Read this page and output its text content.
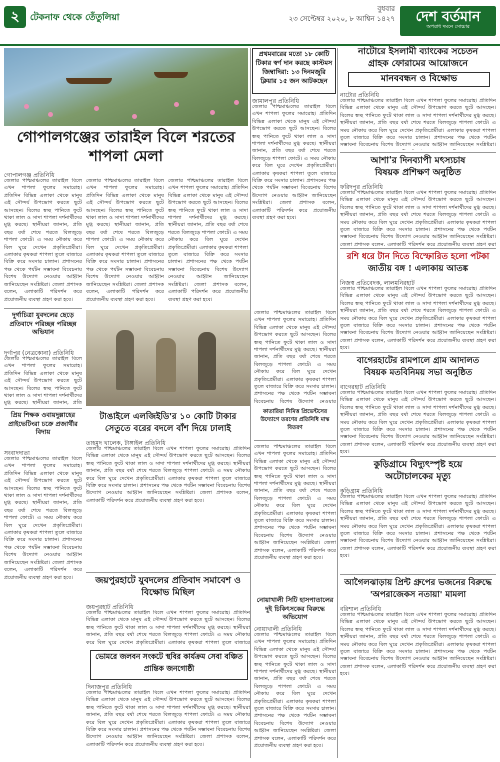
২	টেকনাফ থেকে তেঁতুলিয়া
বুধবার
২৩ সেপ্টেম্বর ২০২০, ৮ আশ্বিন ১৪২৭	দেশ বর্তমান
অপরাধ দমনে সোচ্চার
গোপালগঞ্জের তারাইল বিলে শরতের শাপলা মেলা
গোপালগঞ্জ প্রতিনিধি
জেলার পশ্চিমাঞ্চলের তারাইল বিলে এখন শাপলা ফুলের সমারোহ। প্রতিদিন বিভিন্ন এলাকা থেকে মানুষ এই সৌন্দর্য উপভোগ করতে ছুটে আসছেন। বিলের স্বচ্ছ পানিতে ফুটে থাকা লাল ও সাদা শাপলা দর্শনার্থীদের মুগ্ধ করছে। স্থানীয়রা জানান, প্রতি বছর বর্ষা শেষে শরতে বিলজুড়ে শাপলা ফোটে। এ সময় নৌকায় করে বিল ঘুরে দেখেন প্রকৃতিপ্রেমীরা। এলাকার কৃষকরা শাপলা তুলে বাজারে বিক্রি করে সংসার চালান। প্রশাসনের পক্ষ থেকে পর্যটন সম্ভাবনা বিবেচনায় বিশেষ উদ্যোগ নেওয়ার আহ্বান জানিয়েছেন সংশ্লিষ্টরা। জেলা প্রশাসক বলেন, এলাকাটি পরিদর্শন করে প্রয়োজনীয় ব্যবস্থা গ্রহণ করা হবে।
জেলার পশ্চিমাঞ্চলের তারাইল বিলে এখন শাপলা ফুলের সমারোহ। প্রতিদিন বিভিন্ন এলাকা থেকে মানুষ এই সৌন্দর্য উপভোগ করতে ছুটে আসছেন। বিলের স্বচ্ছ পানিতে ফুটে থাকা লাল ও সাদা শাপলা দর্শনার্থীদের মুগ্ধ করছে। স্থানীয়রা জানান, প্রতি বছর বর্ষা শেষে শরতে বিলজুড়ে শাপলা ফোটে। এ সময় নৌকায় করে বিল ঘুরে দেখেন প্রকৃতিপ্রেমীরা। এলাকার কৃষকরা শাপলা তুলে বাজারে বিক্রি করে সংসার চালান। প্রশাসনের পক্ষ থেকে পর্যটন সম্ভাবনা বিবেচনায় বিশেষ উদ্যোগ নেওয়ার আহ্বান জানিয়েছেন সংশ্লিষ্টরা। জেলা প্রশাসক বলেন, এলাকাটি পরিদর্শন করে প্রয়োজনীয় ব্যবস্থা গ্রহণ করা হবে।
জেলার পশ্চিমাঞ্চলের তারাইল বিলে এখন শাপলা ফুলের সমারোহ। প্রতিদিন বিভিন্ন এলাকা থেকে মানুষ এই সৌন্দর্য উপভোগ করতে ছুটে আসছেন। বিলের স্বচ্ছ পানিতে ফুটে থাকা লাল ও সাদা শাপলা দর্শনার্থীদের মুগ্ধ করছে। স্থানীয়রা জানান, প্রতি বছর বর্ষা শেষে শরতে বিলজুড়ে শাপলা ফোটে। এ সময় নৌকায় করে বিল ঘুরে দেখেন প্রকৃতিপ্রেমীরা। এলাকার কৃষকরা শাপলা তুলে বাজারে বিক্রি করে সংসার চালান। প্রশাসনের পক্ষ থেকে পর্যটন সম্ভাবনা বিবেচনায় বিশেষ উদ্যোগ নেওয়ার আহ্বান জানিয়েছেন সংশ্লিষ্টরা। জেলা প্রশাসক বলেন, এলাকাটি পরিদর্শন করে প্রয়োজনীয় ব্যবস্থা গ্রহণ করা হবে।
প্রথমবারের মতো ১৮ কোটি টিকার স্বর্ণ দান করছে কাস্টমস জিম্বাদিরা: ১৩ দিনমজুরি ক্লিয়ার ১৫ জন আটকছেন
জামালপুর প্রতিনিধি
জেলার পশ্চিমাঞ্চলের তারাইল বিলে এখন শাপলা ফুলের সমারোহ। প্রতিদিন বিভিন্ন এলাকা থেকে মানুষ এই সৌন্দর্য উপভোগ করতে ছুটে আসছেন। বিলের স্বচ্ছ পানিতে ফুটে থাকা লাল ও সাদা শাপলা দর্শনার্থীদের মুগ্ধ করছে। স্থানীয়রা জানান, প্রতি বছর বর্ষা শেষে শরতে বিলজুড়ে শাপলা ফোটে। এ সময় নৌকায় করে বিল ঘুরে দেখেন প্রকৃতিপ্রেমীরা। এলাকার কৃষকরা শাপলা তুলে বাজারে বিক্রি করে সংসার চালান। প্রশাসনের পক্ষ থেকে পর্যটন সম্ভাবনা বিবেচনায় বিশেষ উদ্যোগ নেওয়ার আহ্বান জানিয়েছেন সংশ্লিষ্টরা। জেলা প্রশাসক বলেন, এলাকাটি পরিদর্শন করে প্রয়োজনীয় ব্যবস্থা গ্রহণ করা হবে।
নাটোরে ইসলামী ব্যাংকের সচেতন
গ্রাহক ফোরামের আয়োজনে
মানববন্ধন ও বিক্ষোভ
নাটোর প্রতিনিধি
জেলার পশ্চিমাঞ্চলের তারাইল বিলে এখন শাপলা ফুলের সমারোহ। প্রতিদিন বিভিন্ন এলাকা থেকে মানুষ এই সৌন্দর্য উপভোগ করতে ছুটে আসছেন। বিলের স্বচ্ছ পানিতে ফুটে থাকা লাল ও সাদা শাপলা দর্শনার্থীদের মুগ্ধ করছে। স্থানীয়রা জানান, প্রতি বছর বর্ষা শেষে শরতে বিলজুড়ে শাপলা ফোটে। এ সময় নৌকায় করে বিল ঘুরে দেখেন প্রকৃতিপ্রেমীরা। এলাকার কৃষকরা শাপলা তুলে বাজারে বিক্রি করে সংসার চালান। প্রশাসনের পক্ষ থেকে পর্যটন সম্ভাবনা বিবেচনায় বিশেষ উদ্যোগ নেওয়ার আহ্বান জানিয়েছেন সংশ্লিষ্টরা।
আশা'র দিনব্যাপী মৎস্যচাষ
বিষয়ক প্রশিক্ষণ অনুষ্ঠিত
ফরিদপুর প্রতিনিধি
জেলার পশ্চিমাঞ্চলের তারাইল বিলে এখন শাপলা ফুলের সমারোহ। প্রতিদিন বিভিন্ন এলাকা থেকে মানুষ এই সৌন্দর্য উপভোগ করতে ছুটে আসছেন। বিলের স্বচ্ছ পানিতে ফুটে থাকা লাল ও সাদা শাপলা দর্শনার্থীদের মুগ্ধ করছে। স্থানীয়রা জানান, প্রতি বছর বর্ষা শেষে শরতে বিলজুড়ে শাপলা ফোটে। এ সময় নৌকায় করে বিল ঘুরে দেখেন প্রকৃতিপ্রেমীরা। এলাকার কৃষকরা শাপলা তুলে বাজারে বিক্রি করে সংসার চালান। প্রশাসনের পক্ষ থেকে পর্যটন সম্ভাবনা বিবেচনায় বিশেষ উদ্যোগ নেওয়ার আহ্বান জানিয়েছেন সংশ্লিষ্টরা। জেলা প্রশাসক বলেন, এলাকাটি পরিদর্শন করে প্রয়োজনীয় ব্যবস্থা গ্রহণ করা
রশি ধরে টান দিতে বিস্ফোরিত হলো পটকা
জাতীয় বঙ্গ ! এলাকায় আতঙ্ক
নিজস্ব প্রতিবেদক, লালমনিরহাট
জেলার পশ্চিমাঞ্চলের তারাইল বিলে এখন শাপলা ফুলের সমারোহ। প্রতিদিন বিভিন্ন এলাকা থেকে মানুষ এই সৌন্দর্য উপভোগ করতে ছুটে আসছেন। বিলের স্বচ্ছ পানিতে ফুটে থাকা লাল ও সাদা শাপলা দর্শনার্থীদের মুগ্ধ করছে। স্থানীয়রা জানান, প্রতি বছর বর্ষা শেষে শরতে বিলজুড়ে শাপলা ফোটে। এ সময় নৌকায় করে বিল ঘুরে দেখেন প্রকৃতিপ্রেমীরা। এলাকার কৃষকরা শাপলা তুলে বাজারে বিক্রি করে সংসার চালান। প্রশাসনের পক্ষ থেকে পর্যটন সম্ভাবনা বিবেচনায় বিশেষ উদ্যোগ নেওয়ার আহ্বান জানিয়েছেন সংশ্লিষ্টরা। জেলা প্রশাসক বলেন, এলাকাটি পরিদর্শন করে প্রয়োজনীয় ব্যবস্থা গ্রহণ করা হবে।
বাগেরহাটের রামপালে গ্রাম আদালত
বিষয়ক মতবিনিময় সভা অনুষ্ঠিত
বাগেরহাট প্রতিনিধি
জেলার পশ্চিমাঞ্চলের তারাইল বিলে এখন শাপলা ফুলের সমারোহ। প্রতিদিন বিভিন্ন এলাকা থেকে মানুষ এই সৌন্দর্য উপভোগ করতে ছুটে আসছেন। বিলের স্বচ্ছ পানিতে ফুটে থাকা লাল ও সাদা শাপলা দর্শনার্থীদের মুগ্ধ করছে। স্থানীয়রা জানান, প্রতি বছর বর্ষা শেষে শরতে বিলজুড়ে শাপলা ফোটে। এ সময় নৌকায় করে বিল ঘুরে দেখেন প্রকৃতিপ্রেমীরা। এলাকার কৃষকরা শাপলা তুলে বাজারে বিক্রি করে সংসার চালান। প্রশাসনের পক্ষ থেকে পর্যটন সম্ভাবনা বিবেচনায় বিশেষ উদ্যোগ নেওয়ার আহ্বান জানিয়েছেন সংশ্লিষ্টরা। জেলা প্রশাসক বলেন, এলাকাটি পরিদর্শন করে প্রয়োজনীয় ব্যবস্থা গ্রহণ করা হবে।
কুড়িগ্রামে বিদ্যুৎস্পৃষ্ট হয়ে
অটোচালকের মৃত্যু
কুড়িগ্রাম প্রতিনিধি
জেলার পশ্চিমাঞ্চলের তারাইল বিলে এখন শাপলা ফুলের সমারোহ। প্রতিদিন বিভিন্ন এলাকা থেকে মানুষ এই সৌন্দর্য উপভোগ করতে ছুটে আসছেন। বিলের স্বচ্ছ পানিতে ফুটে থাকা লাল ও সাদা শাপলা দর্শনার্থীদের মুগ্ধ করছে। স্থানীয়রা জানান, প্রতি বছর বর্ষা শেষে শরতে বিলজুড়ে শাপলা ফোটে। এ সময় নৌকায় করে বিল ঘুরে দেখেন প্রকৃতিপ্রেমীরা। এলাকার কৃষকরা শাপলা তুলে বাজারে বিক্রি করে সংসার চালান। প্রশাসনের পক্ষ থেকে পর্যটন সম্ভাবনা বিবেচনায় বিশেষ উদ্যোগ নেওয়ার আহ্বান জানিয়েছেন সংশ্লিষ্টরা। জেলা প্রশাসক বলেন, এলাকাটি পরিদর্শন করে প্রয়োজনীয় ব্যবস্থা গ্রহণ করা হবে।
আগৈলঝাড়ায় প্রিন্ট গ্রুপের ভজনের বিরুদ্ধে
'অপরাজেকস নতায়া' মামলা
বরিশাল প্রতিনিধি
জেলার পশ্চিমাঞ্চলের তারাইল বিলে এখন শাপলা ফুলের সমারোহ। প্রতিদিন বিভিন্ন এলাকা থেকে মানুষ এই সৌন্দর্য উপভোগ করতে ছুটে আসছেন। বিলের স্বচ্ছ পানিতে ফুটে থাকা লাল ও সাদা শাপলা দর্শনার্থীদের মুগ্ধ করছে। স্থানীয়রা জানান, প্রতি বছর বর্ষা শেষে শরতে বিলজুড়ে শাপলা ফোটে। এ সময় নৌকায় করে বিল ঘুরে দেখেন প্রকৃতিপ্রেমীরা। এলাকার কৃষকরা শাপলা তুলে বাজারে বিক্রি করে সংসার চালান। প্রশাসনের পক্ষ থেকে পর্যটন সম্ভাবনা বিবেচনায় বিশেষ উদ্যোগ নেওয়ার আহ্বান জানিয়েছেন সংশ্লিষ্টরা। জেলা প্রশাসক বলেন, এলাকাটি পরিদর্শন করে প্রয়োজনীয় ব্যবস্থা গ্রহণ করা হবে।
দুর্গাচিত্রা যুবদলের ছেড়ে প্রতিবাদে পরিচ্ছন্ন পরিচ্ছন্ন অভিযান
দুর্গাপুর (নেত্রকোনা) প্রতিনিধি
জেলার পশ্চিমাঞ্চলের তারাইল বিলে এখন শাপলা ফুলের সমারোহ। প্রতিদিন বিভিন্ন এলাকা থেকে মানুষ এই সৌন্দর্য উপভোগ করতে ছুটে আসছেন। বিলের স্বচ্ছ পানিতে ফুটে থাকা লাল ও সাদা শাপলা দর্শনার্থীদের মুগ্ধ করছে। স্থানীয়রা জানান, প্রতি
প্রিয় শিক্ষক ওবায়দুল্লাহের প্রাইভেটিংরা চক্রে প্রজার্থীর বিদায়
সংবাদদাতা
জেলার পশ্চিমাঞ্চলের তারাইল বিলে এখন শাপলা ফুলের সমারোহ। প্রতিদিন বিভিন্ন এলাকা থেকে মানুষ এই সৌন্দর্য উপভোগ করতে ছুটে আসছেন। বিলের স্বচ্ছ পানিতে ফুটে থাকা লাল ও সাদা শাপলা দর্শনার্থীদের মুগ্ধ করছে। স্থানীয়রা জানান, প্রতি বছর বর্ষা শেষে শরতে বিলজুড়ে শাপলা ফোটে। এ সময় নৌকায় করে বিল ঘুরে দেখেন প্রকৃতিপ্রেমীরা। এলাকার কৃষকরা শাপলা তুলে বাজারে বিক্রি করে সংসার চালান। প্রশাসনের পক্ষ থেকে পর্যটন সম্ভাবনা বিবেচনায় বিশেষ উদ্যোগ নেওয়ার আহ্বান জানিয়েছেন সংশ্লিষ্টরা। জেলা প্রশাসক বলেন, এলাকাটি পরিদর্শন করে প্রয়োজনীয় ব্যবস্থা গ্রহণ করা হবে।
জেলার পশ্চিমাঞ্চলের তারাইল বিলে এখন শাপলা ফুলের সমারোহ। প্রতিদিন বিভিন্ন এলাকা থেকে মানুষ এই সৌন্দর্য উপভোগ করতে ছুটে আসছেন। বিলের স্বচ্ছ পানিতে ফুটে থাকা লাল ও সাদা শাপলা দর্শনার্থীদের মুগ্ধ করছে। স্থানীয়রা জানান, প্রতি বছর বর্ষা শেষে শরতে বিলজুড়ে শাপলা ফোটে। এ সময় নৌকায় করে বিল ঘুরে দেখেন প্রকৃতিপ্রেমীরা। এলাকার কৃষকরা শাপলা তুলে বাজারে বিক্রি করে সংসার চালান। প্রশাসনের পক্ষ থেকে পর্যটন সম্ভাবনা বিবেচনায় বিশেষ উদ্যোগ নেওয়ার
কাতারিয়া নিমিত্ত প্রিভেন্টসের উদ্যোগে তরণের প্রতিনিধি মাস্ক বিতরণ
টাঙাইলে এলজিইডি'র ১০ কোটি টাকার সেতুতে বরের বদলে বাঁশ দিয়ে ঢালাই
তাহমুদ খালেক, টাঙ্গাইল প্রতিনিধি
জেলার পশ্চিমাঞ্চলের তারাইল বিলে এখন শাপলা ফুলের সমারোহ। প্রতিদিন বিভিন্ন এলাকা থেকে মানুষ এই সৌন্দর্য উপভোগ করতে ছুটে আসছেন। বিলের স্বচ্ছ পানিতে ফুটে থাকা লাল ও সাদা শাপলা দর্শনার্থীদের মুগ্ধ করছে। স্থানীয়রা জানান, প্রতি বছর বর্ষা শেষে শরতে বিলজুড়ে শাপলা ফোটে। এ সময় নৌকায় করে বিল ঘুরে দেখেন প্রকৃতিপ্রেমীরা। এলাকার কৃষকরা শাপলা তুলে বাজারে বিক্রি করে সংসার চালান। প্রশাসনের পক্ষ থেকে পর্যটন সম্ভাবনা বিবেচনায় বিশেষ উদ্যোগ নেওয়ার আহ্বান জানিয়েছেন সংশ্লিষ্টরা। জেলা প্রশাসক বলেন, এলাকাটি পরিদর্শন করে প্রয়োজনীয় ব্যবস্থা গ্রহণ করা হবে।
জেলার পশ্চিমাঞ্চলের তারাইল বিলে এখন শাপলা ফুলের সমারোহ। প্রতিদিন বিভিন্ন এলাকা থেকে মানুষ এই সৌন্দর্য উপভোগ করতে ছুটে আসছেন। বিলের স্বচ্ছ পানিতে ফুটে থাকা লাল ও সাদা শাপলা দর্শনার্থীদের মুগ্ধ করছে। স্থানীয়রা জানান, প্রতি বছর বর্ষা শেষে শরতে বিলজুড়ে শাপলা ফোটে। এ সময় নৌকায় করে বিল ঘুরে দেখেন প্রকৃতিপ্রেমীরা। এলাকার কৃষকরা শাপলা তুলে বাজারে বিক্রি করে সংসার চালান। প্রশাসনের পক্ষ থেকে পর্যটন সম্ভাবনা বিবেচনায় বিশেষ উদ্যোগ নেওয়ার আহ্বান জানিয়েছেন সংশ্লিষ্টরা। জেলা প্রশাসক বলেন, এলাকাটি পরিদর্শন করে প্রয়োজনীয় ব্যবস্থা গ্রহণ করা হবে।
নোয়াখালী সিটি হাসপাতালের দুই চিকিৎসকের বিরুদ্ধে অভিযোগ
নোয়াখালী প্রতিনিধি
জেলার পশ্চিমাঞ্চলের তারাইল বিলে এখন শাপলা ফুলের সমারোহ। প্রতিদিন বিভিন্ন এলাকা থেকে মানুষ এই সৌন্দর্য উপভোগ করতে ছুটে আসছেন। বিলের স্বচ্ছ পানিতে ফুটে থাকা লাল ও সাদা শাপলা দর্শনার্থীদের মুগ্ধ করছে। স্থানীয়রা জানান, প্রতি বছর বর্ষা শেষে শরতে বিলজুড়ে শাপলা ফোটে। এ সময় নৌকায় করে বিল ঘুরে দেখেন প্রকৃতিপ্রেমীরা। এলাকার কৃষকরা শাপলা তুলে বাজারে বিক্রি করে সংসার চালান। প্রশাসনের পক্ষ থেকে পর্যটন সম্ভাবনা বিবেচনায় বিশেষ উদ্যোগ নেওয়ার আহ্বান জানিয়েছেন সংশ্লিষ্টরা। জেলা প্রশাসক বলেন, এলাকাটি পরিদর্শন করে প্রয়োজনীয় ব্যবস্থা গ্রহণ করা হবে।
জয়পুরহাটে যুবদলের প্রতিবাদ সমাবেশ ও বিক্ষোভ মিছিল
জয়পুরহাট প্রতিনিধি
জেলার পশ্চিমাঞ্চলের তারাইল বিলে এখন শাপলা ফুলের সমারোহ। প্রতিদিন বিভিন্ন এলাকা থেকে মানুষ এই সৌন্দর্য উপভোগ করতে ছুটে আসছেন। বিলের স্বচ্ছ পানিতে ফুটে থাকা লাল ও সাদা শাপলা দর্শনার্থীদের মুগ্ধ করছে। স্থানীয়রা জানান, প্রতি বছর বর্ষা শেষে শরতে বিলজুড়ে শাপলা ফোটে। এ সময় নৌকায় করে বিল ঘুরে দেখেন প্রকৃতিপ্রেমীরা। এলাকার কৃষকরা শাপলা তুলে বাজারে
ভোমরে জলবন সংকটে স্থবির কার্যক্রম সেবা বঞ্চিত প্রান্তিক জনগোষ্ঠী
দিনাজপুর প্রতিনিধি
জেলার পশ্চিমাঞ্চলের তারাইল বিলে এখন শাপলা ফুলের সমারোহ। প্রতিদিন বিভিন্ন এলাকা থেকে মানুষ এই সৌন্দর্য উপভোগ করতে ছুটে আসছেন। বিলের স্বচ্ছ পানিতে ফুটে থাকা লাল ও সাদা শাপলা দর্শনার্থীদের মুগ্ধ করছে। স্থানীয়রা জানান, প্রতি বছর বর্ষা শেষে শরতে বিলজুড়ে শাপলা ফোটে। এ সময় নৌকায় করে বিল ঘুরে দেখেন প্রকৃতিপ্রেমীরা। এলাকার কৃষকরা শাপলা তুলে বাজারে বিক্রি করে সংসার চালান। প্রশাসনের পক্ষ থেকে পর্যটন সম্ভাবনা বিবেচনায় বিশেষ উদ্যোগ নেওয়ার আহ্বান জানিয়েছেন সংশ্লিষ্টরা। জেলা প্রশাসক বলেন, এলাকাটি পরিদর্শন করে প্রয়োজনীয় ব্যবস্থা গ্রহণ করা হবে।
